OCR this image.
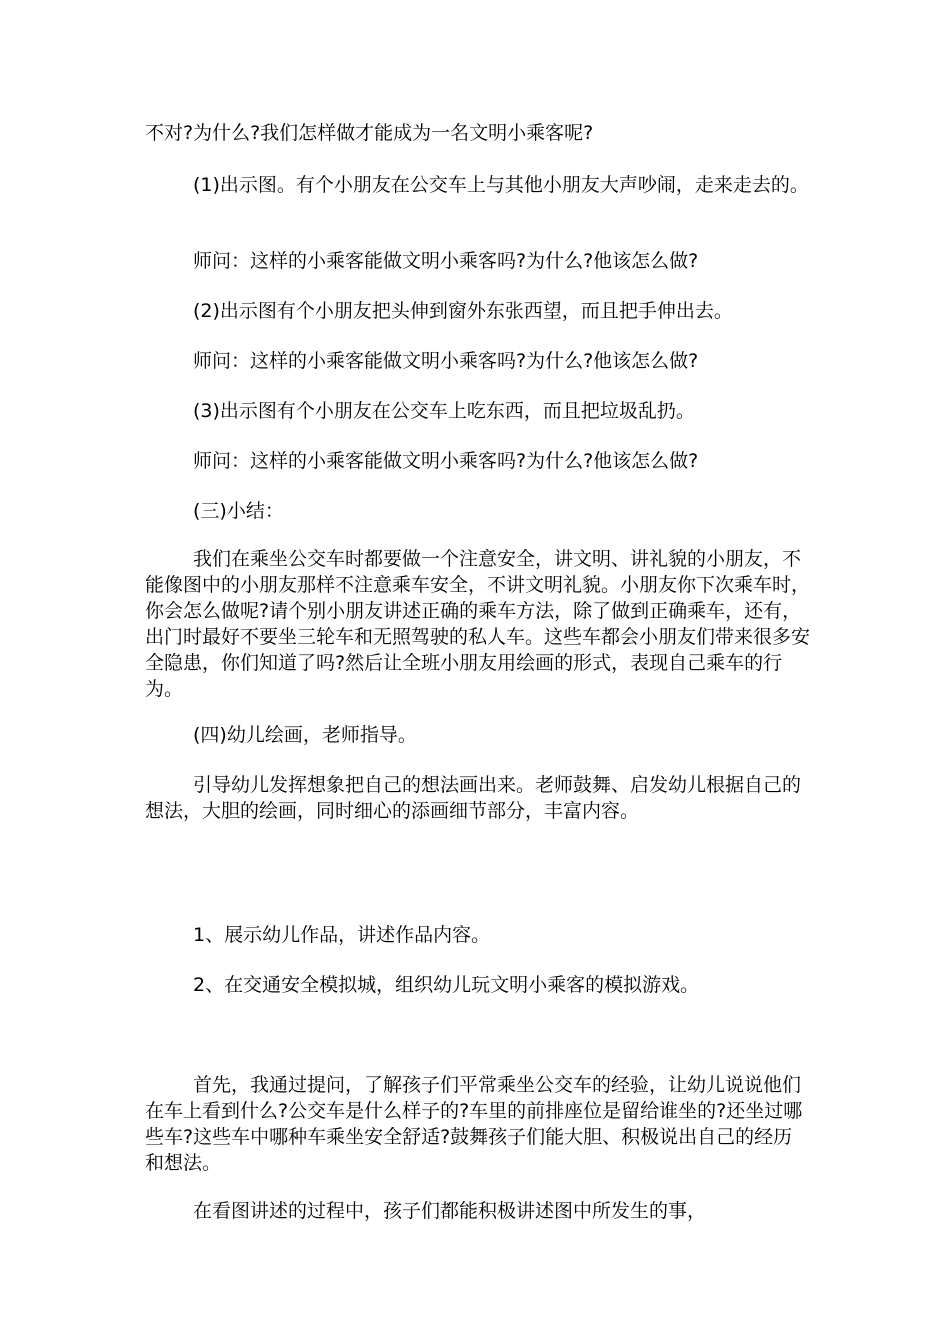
不对?为什么?我们怎样做才能成为一名文明小乘客呢?

(1)出示图。有个小朋友在公交车上与其他小朋友大声吵闹，走来走去的。

师问：这样的小乘客能做文明小乘客吗?为什么?他该怎么做?

(2)出示图有个小朋友把头伸到窗外东张西望，而且把手伸出去。

师问：这样的小乘客能做文明小乘客吗?为什么?他该怎么做?

(3)出示图有个小朋友在公交车上吃东西，而且把垃圾乱扔。

师问：这样的小乘客能做文明小乘客吗?为什么?他该怎么做?

(三)小结：

我们在乘坐公交车时都要做一个注意安全，讲文明、讲礼貌的小朋友，不能像图中的小朋友那样不注意乘车安全，不讲文明礼貌。小朋友你下次乘车时，你会怎么做呢?请个别小朋友讲述正确的乘车方法，除了做到正确乘车，还有，出门时最好不要坐三轮车和无照驾驶的私人车。这些车都会小朋友们带来很多安全隐患，你们知道了吗?然后让全班小朋友用绘画的形式，表现自己乘车的行为。

(四)幼儿绘画，老师指导。

引导幼儿发挥想象把自己的想法画出来。老师鼓舞、启发幼儿根据自己的想法，大胆的绘画，同时细心的添画细节部分，丰富内容。

1、展示幼儿作品，讲述作品内容。

2、在交通安全模拟城，组织幼儿玩文明小乘客的模拟游戏。

首先，我通过提问，了解孩子们平常乘坐公交车的经验，让幼儿说说他们在车上看到什么?公交车是什么样子的?车里的前排座位是留给谁坐的?还坐过哪些车?这些车中哪种车乘坐安全舒适?鼓舞孩子们能大胆、积极说出自己的经历和想法。

在看图讲述的过程中，孩子们都能积极讲述图中所发生的事，
